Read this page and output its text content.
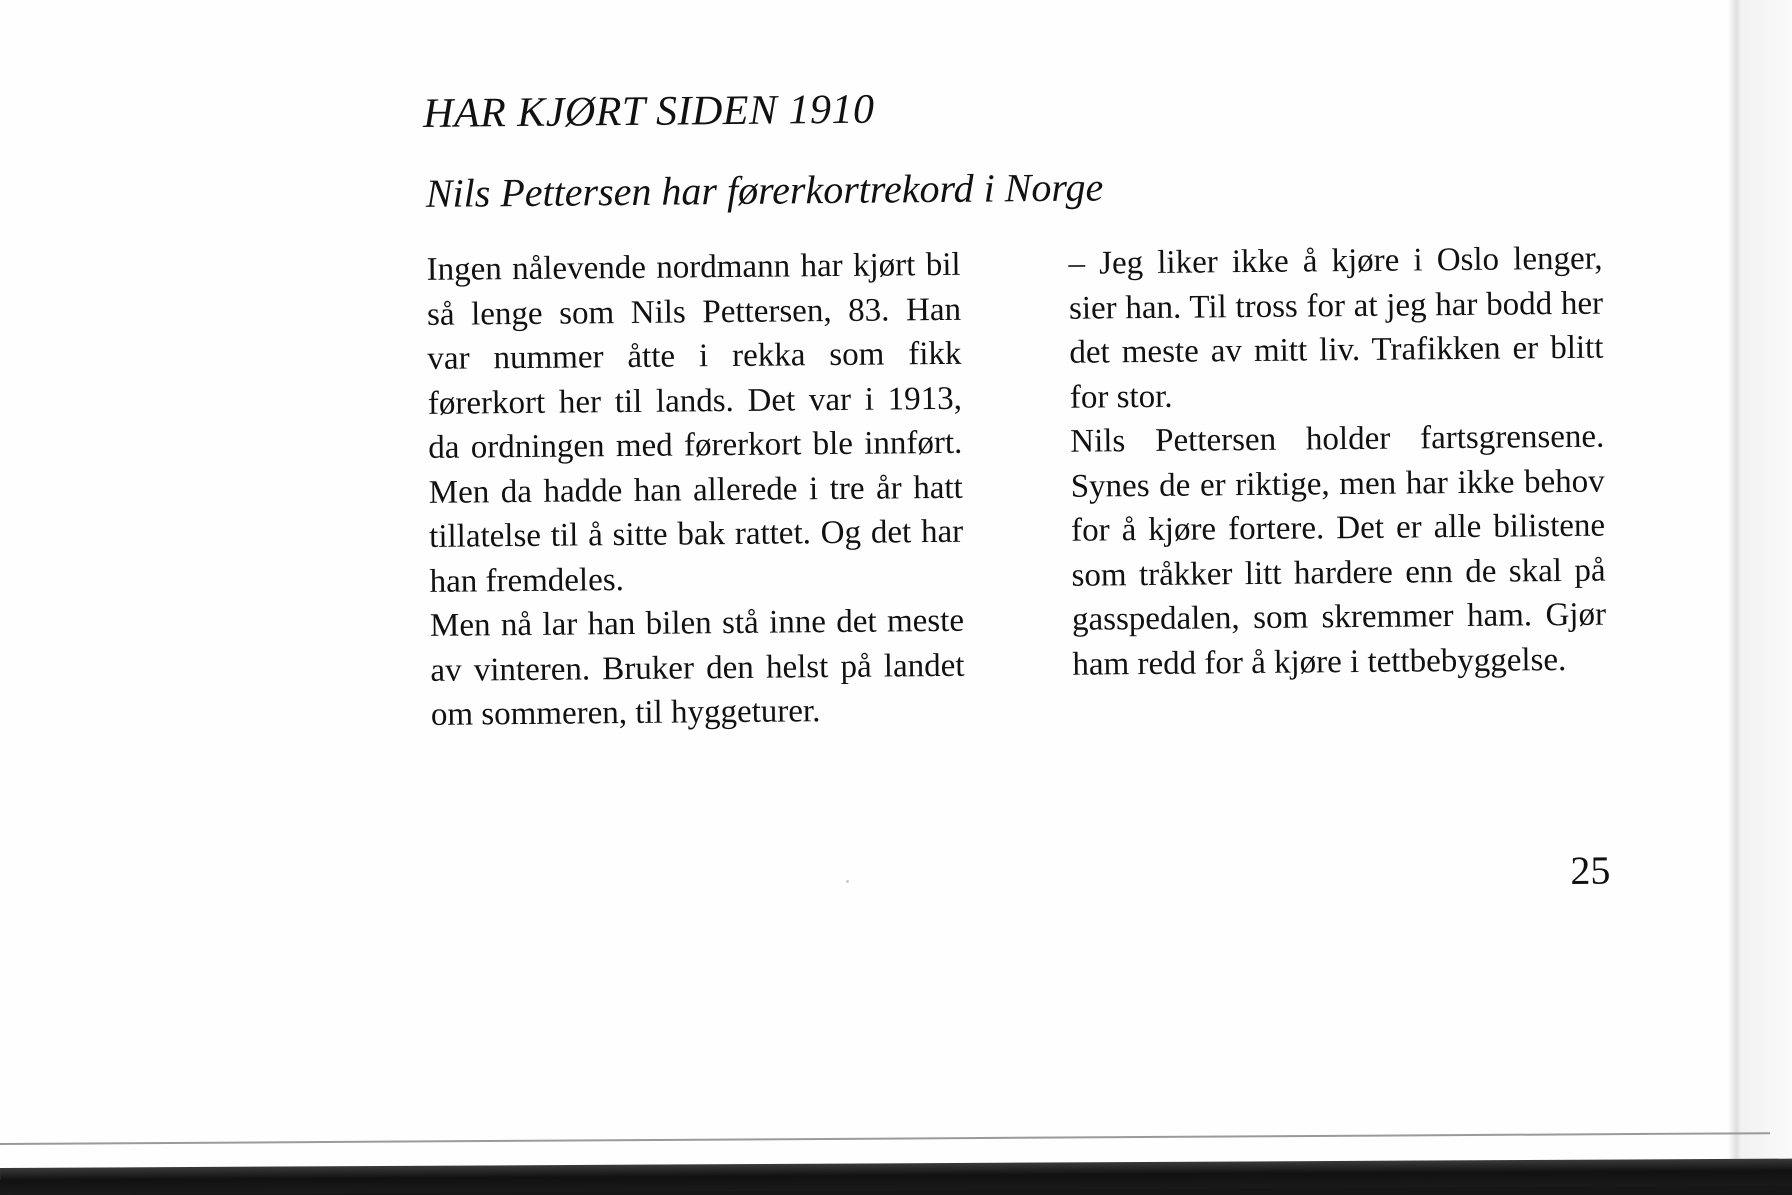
HAR KJØRT SIDEN 1910
Nils Pettersen har førerkortrekord i Norge

Ingen nålevende nordmann har kjørt bil så lenge som Nils Pettersen, 83. Han var nummer åtte i rekka som fikk førerkort her til lands. Det var i 1913, da ordningen med førerkort ble innført. Men da hadde han allerede i tre år hatt tillatelse til å sitte bak rattet. Og det har han fremdeles.

Men nå lar han bilen stå inne det meste av vinteren. Bruker den helst på landet om sommeren, til hyggeturer.

– Jeg liker ikke å kjøre i Oslo lenger, sier han. Til tross for at jeg har bodd her det meste av mitt liv. Trafikken er blitt for stor.

Nils Pettersen holder fartsgrensene. Synes de er riktige, men har ikke behov for å kjøre fortere. Det er alle bilistene som tråkker litt hardere enn de skal på gasspedalen, som skremmer ham. Gjør ham redd for å kjøre i tettbebyggelse.

25
